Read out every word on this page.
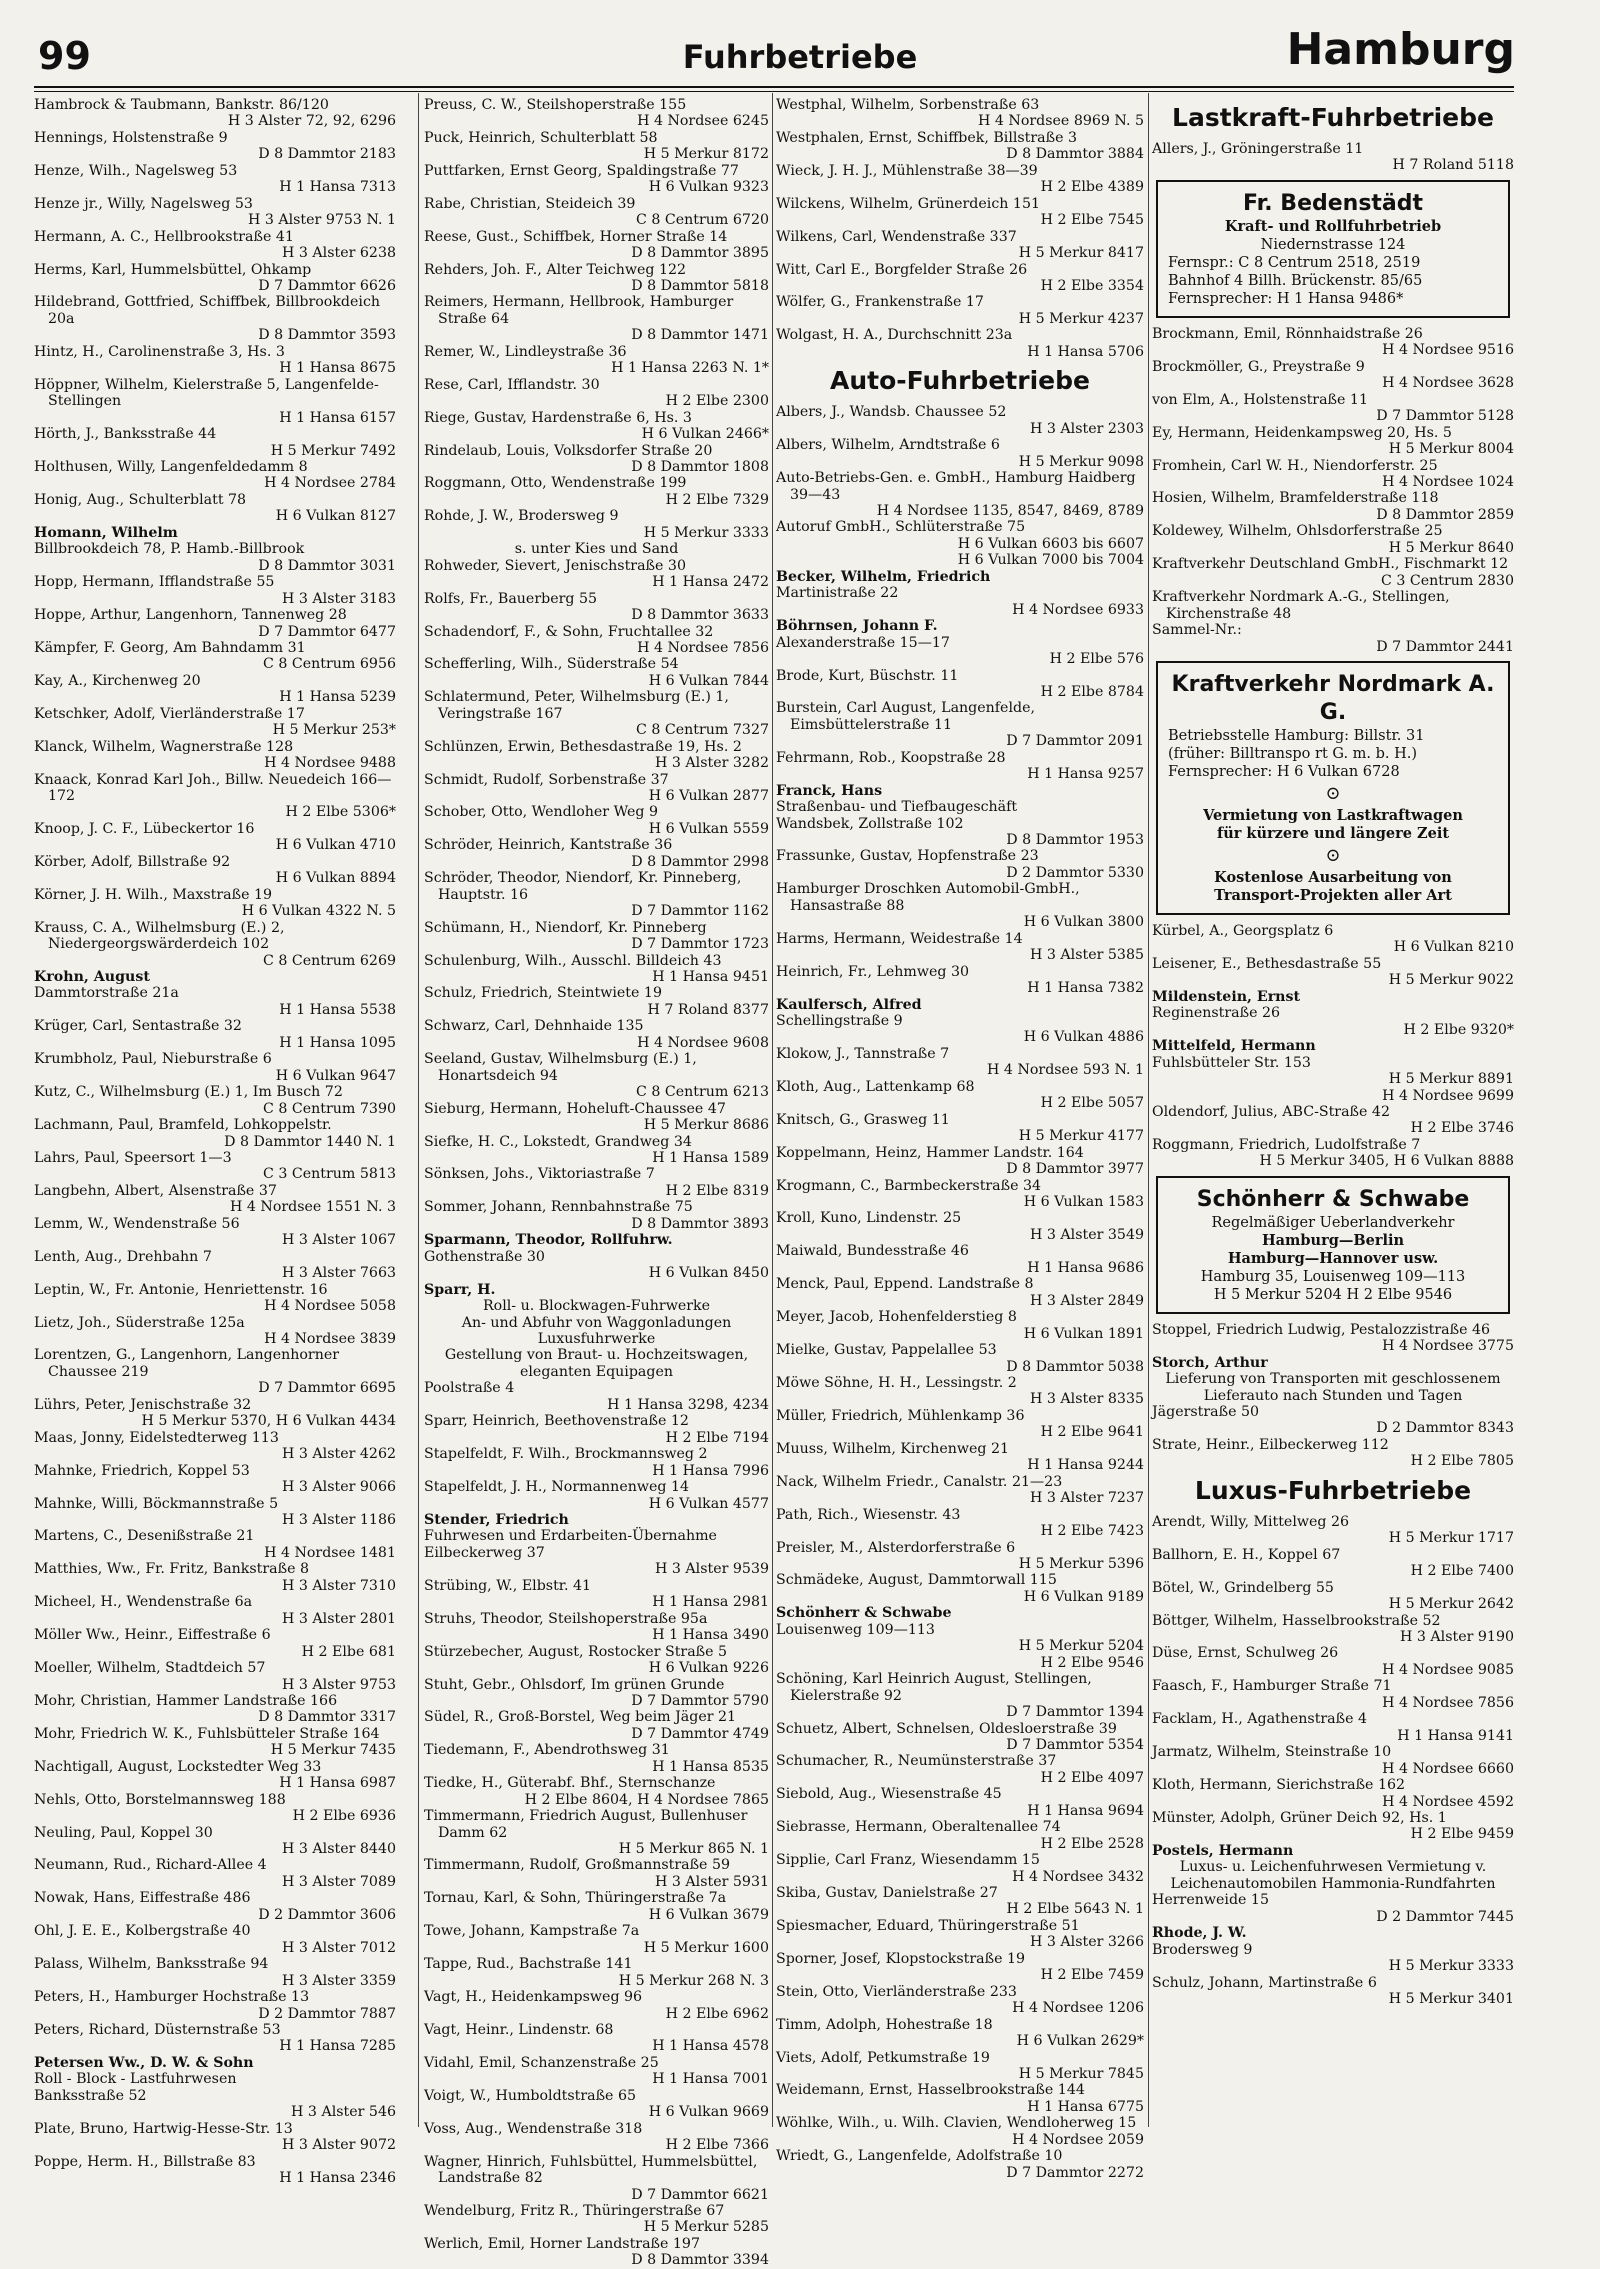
99	Fuhrbetriebe	Hamburg
Hambrock & Taubmann, Bankstr. 86/120
H 3 Alster 72, 92, 6296
Hennings, Holstenstraße 9
D 8 Dammtor 2183
Henze, Wilh., Nagelsweg 53
H 1 Hansa 7313
Henze jr., Willy, Nagelsweg 53
H 3 Alster 9753 N. 1
Hermann, A. C., Hellbrookstraße 41
H 3 Alster 6238
Herms, Karl, Hummelsbüttel, Ohkamp
D 7 Dammtor 6626
Hildebrand, Gottfried, Schiffbek, Billbrookdeich 20a
D 8 Dammtor 3593
Hintz, H., Carolinenstraße 3, Hs. 3
H 1 Hansa 8675
Höppner, Wilhelm, Kielerstraße 5, Langenfelde-Stellingen
H 1 Hansa 6157
Hörth, J., Banksstraße 44
H 5 Merkur 7492
Holthusen, Willy, Langenfeldedamm 8
H 4 Nordsee 2784
Honig, Aug., Schulterblatt 78
H 6 Vulkan 8127
Homann, Wilhelm
Billbrookdeich 78, P. Hamb.-Billbrook
D 8 Dammtor 3031
Hopp, Hermann, Ifflandstraße 55
H 3 Alster 3183
Hoppe, Arthur, Langenhorn, Tannenweg 28
D 7 Dammtor 6477
Kämpfer, F. Georg, Am Bahndamm 31
C 8 Centrum 6956
Kay, A., Kirchenweg 20
H 1 Hansa 5239
Ketschker, Adolf, Vierländerstraße 17
H 5 Merkur 253*
Klanck, Wilhelm, Wagnerstraße 128
H 4 Nordsee 9488
Knaack, Konrad Karl Joh., Billw. Neuedeich 166—172
H 2 Elbe 5306*
Knoop, J. C. F., Lübeckertor 16
H 6 Vulkan 4710
Körber, Adolf, Billstraße 92
H 6 Vulkan 8894
Körner, J. H. Wilh., Maxstraße 19
H 6 Vulkan 4322 N. 5
Krauss, C. A., Wilhelmsburg (E.) 2, Niedergeorgswärderdeich 102
C 8 Centrum 6269
Krohn, August
Dammtorstraße 21a
H 1 Hansa 5538
Krüger, Carl, Sentastraße 32
H 1 Hansa 1095
Krumbholz, Paul, Nieburstraße 6
H 6 Vulkan 9647
Kutz, C., Wilhelmsburg (E.) 1, Im Busch 72
C 8 Centrum 7390
Lachmann, Paul, Bramfeld, Lohkoppelstr.
D 8 Dammtor 1440 N. 1
Lahrs, Paul, Speersort 1—3
C 3 Centrum 5813
Langbehn, Albert, Alsenstraße 37
H 4 Nordsee 1551 N. 3
Lemm, W., Wendenstraße 56
H 3 Alster 1067
Lenth, Aug., Drehbahn 7
H 3 Alster 7663
Leptin, W., Fr. Antonie, Henriettenstr. 16
H 4 Nordsee 5058
Lietz, Joh., Süderstraße 125a
H 4 Nordsee 3839
Lorentzen, G., Langenhorn, Langenhorner Chaussee 219
D 7 Dammtor 6695
Lührs, Peter, Jenischstraße 32
H 5 Merkur 5370, H 6 Vulkan 4434
Maas, Jonny, Eidelstedterweg 113
H 3 Alster 4262
Mahnke, Friedrich, Koppel 53
H 3 Alster 9066
Mahnke, Willi, Böckmannstraße 5
H 3 Alster 1186
Martens, C., Desenißstraße 21
H 4 Nordsee 1481
Matthies, Ww., Fr. Fritz, Bankstraße 8
H 3 Alster 7310
Micheel, H., Wendenstraße 6a
H 3 Alster 2801
Möller Ww., Heinr., Eiffestraße 6
H 2 Elbe 681
Moeller, Wilhelm, Stadtdeich 57
H 3 Alster 9753
Mohr, Christian, Hammer Landstraße 166
D 8 Dammtor 3317
Mohr, Friedrich W. K., Fuhlsbütteler Straße 164
H 5 Merkur 7435
Nachtigall, August, Lockstedter Weg 33
H 1 Hansa 6987
Nehls, Otto, Borstelmannsweg 188
H 2 Elbe 6936
Neuling, Paul, Koppel 30
H 3 Alster 8440
Neumann, Rud., Richard-Allee 4
H 3 Alster 7089
Nowak, Hans, Eiffestraße 486
D 2 Dammtor 3606
Ohl, J. E. E., Kolbergstraße 40
H 3 Alster 7012
Palass, Wilhelm, Banksstraße 94
H 3 Alster 3359
Peters, H., Hamburger Hochstraße 13
D 2 Dammtor 7887
Peters, Richard, Düsternstraße 53
H 1 Hansa 7285
Petersen Ww., D. W. & Sohn
Roll - Block - Lastfuhrwesen
Banksstraße 52
H 3 Alster 546
Plate, Bruno, Hartwig-Hesse-Str. 13
H 3 Alster 9072
Poppe, Herm. H., Billstraße 83
H 1 Hansa 2346
Preuss, C. W., Steilshoperstraße 155
H 4 Nordsee 6245
Puck, Heinrich, Schulterblatt 58
H 5 Merkur 8172
Puttfarken, Ernst Georg, Spaldingstraße 77
H 6 Vulkan 9323
Rabe, Christian, Steideich 39
C 8 Centrum 6720
Reese, Gust., Schiffbek, Horner Straße 14
D 8 Dammtor 3895
Rehders, Joh. F., Alter Teichweg 122
D 8 Dammtor 5818
Reimers, Hermann, Hellbrook, Hamburger Straße 64
D 8 Dammtor 1471
Remer, W., Lindleystraße 36
H 1 Hansa 2263 N. 1*
Rese, Carl, Ifflandstr. 30
H 2 Elbe 2300
Riege, Gustav, Hardenstraße 6, Hs. 3
H 6 Vulkan 2466*
Rindelaub, Louis, Volksdorfer Straße 20
D 8 Dammtor 1808
Roggmann, Otto, Wendenstraße 199
H 2 Elbe 7329
Rohde, J. W., Brodersweg 9
H 5 Merkur 3333
s. unter Kies und Sand
Rohweder, Sievert, Jenischstraße 30
H 1 Hansa 2472
Rolfs, Fr., Bauerberg 55
D 8 Dammtor 3633
Schadendorf, F., & Sohn, Fruchtallee 32
H 4 Nordsee 7856
Schefferling, Wilh., Süderstraße 54
H 6 Vulkan 7844
Schlatermund, Peter, Wilhelmsburg (E.) 1, Veringstraße 167
C 8 Centrum 7327
Schlünzen, Erwin, Bethesdastraße 19, Hs. 2
H 3 Alster 3282
Schmidt, Rudolf, Sorbenstraße 37
H 6 Vulkan 2877
Schober, Otto, Wendloher Weg 9
H 6 Vulkan 5559
Schröder, Heinrich, Kantstraße 36
D 8 Dammtor 2998
Schröder, Theodor, Niendorf, Kr. Pinneberg, Hauptstr. 16
D 7 Dammtor 1162
Schümann, H., Niendorf, Kr. Pinneberg
D 7 Dammtor 1723
Schulenburg, Wilh., Ausschl. Billdeich 43
H 1 Hansa 9451
Schulz, Friedrich, Steintwiete 19
H 7 Roland 8377
Schwarz, Carl, Dehnhaide 135
H 4 Nordsee 9608
Seeland, Gustav, Wilhelmsburg (E.) 1, Honartsdeich 94
C 8 Centrum 6213
Sieburg, Hermann, Hoheluft-Chaussee 47
H 5 Merkur 8686
Siefke, H. C., Lokstedt, Grandweg 34
H 1 Hansa 1589
Sönksen, Johs., Viktoriastraße 7
H 2 Elbe 8319
Sommer, Johann, Rennbahnstraße 75
D 8 Dammtor 3893
Sparmann, Theodor, Rollfuhrw.
Gothenstraße 30
H 6 Vulkan 8450
Sparr, H.
Roll- u. Blockwagen-Fuhrwerke
An- und Abfuhr von Waggonladungen
Luxusfuhrwerke
Gestellung von Braut- u. Hochzeitswagen, eleganten Equipagen
Poolstraße 4
H 1 Hansa 3298, 4234
Sparr, Heinrich, Beethovenstraße 12
H 2 Elbe 7194
Stapelfeldt, F. Wilh., Brockmannsweg 2
H 1 Hansa 7996
Stapelfeldt, J. H., Normannenweg 14
H 6 Vulkan 4577
Stender, Friedrich
Fuhrwesen und Erdarbeiten-Übernahme
Eilbeckerweg 37
H 3 Alster 9539
Strübing, W., Elbstr. 41
H 1 Hansa 2981
Struhs, Theodor, Steilshoperstraße 95a
H 1 Hansa 3490
Stürzebecher, August, Rostocker Straße 5
H 6 Vulkan 9226
Stuht, Gebr., Ohlsdorf, Im grünen Grunde
D 7 Dammtor 5790
Südel, R., Groß-Borstel, Weg beim Jäger 21
D 7 Dammtor 4749
Tiedemann, F., Abendrothsweg 31
H 1 Hansa 8535
Tiedke, H., Güterabf. Bhf., Sternschanze
H 2 Elbe 8604, H 4 Nordsee 7865
Timmermann, Friedrich August, Bullenhuser Damm 62
H 5 Merkur 865 N. 1
Timmermann, Rudolf, Großmannstraße 59
H 3 Alster 5931
Tornau, Karl, & Sohn, Thüringerstraße 7a
H 6 Vulkan 3679
Towe, Johann, Kampstraße 7a
H 5 Merkur 1600
Tappe, Rud., Bachstraße 141
H 5 Merkur 268 N. 3
Vagt, H., Heidenkampsweg 96
H 2 Elbe 6962
Vagt, Heinr., Lindenstr. 68
H 1 Hansa 4578
Vidahl, Emil, Schanzenstraße 25
H 1 Hansa 7001
Voigt, W., Humboldtstraße 65
H 6 Vulkan 9669
Voss, Aug., Wendenstraße 318
H 2 Elbe 7366
Wagner, Hinrich, Fuhlsbüttel, Hummelsbüttel, Landstraße 82
D 7 Dammtor 6621
Wendelburg, Fritz R., Thüringerstraße 67
H 5 Merkur 5285
Werlich, Emil, Horner Landstraße 197
D 8 Dammtor 3394
Westphal, Wilhelm, Sorbenstraße 63
H 4 Nordsee 8969 N. 5
Westphalen, Ernst, Schiffbek, Billstraße 3
D 8 Dammtor 3884
Wieck, J. H. J., Mühlenstraße 38—39
H 2 Elbe 4389
Wilckens, Wilhelm, Grünerdeich 151
H 2 Elbe 7545
Wilkens, Carl, Wendenstraße 337
H 5 Merkur 8417
Witt, Carl E., Borgfelder Straße 26
H 2 Elbe 3354
Wölfer, G., Frankenstraße 17
H 5 Merkur 4237
Wolgast, H. A., Durchschnitt 23a
H 1 Hansa 5706
Auto-Fuhrbetriebe
Albers, J., Wandsb. Chaussee 52
H 3 Alster 2303
Albers, Wilhelm, Arndtstraße 6
H 5 Merkur 9098
Auto-Betriebs-Gen. e. GmbH., Hamburg Haidberg 39—43
H 4 Nordsee 1135, 8547, 8469, 8789
Autoruf GmbH., Schlüterstraße 75
H 6 Vulkan 6603 bis 6607
H 6 Vulkan 7000 bis 7004
Becker, Wilhelm, Friedrich
Martinistraße 22
H 4 Nordsee 6933
Böhrnsen, Johann F.
Alexanderstraße 15—17
H 2 Elbe 576
Brode, Kurt, Büschstr. 11
H 2 Elbe 8784
Burstein, Carl August, Langenfelde, Eimsbüttelerstraße 11
D 7 Dammtor 2091
Fehrmann, Rob., Koopstraße 28
H 1 Hansa 9257
Franck, Hans
Straßenbau- und Tiefbaugeschäft
Wandsbek, Zollstraße 102
D 8 Dammtor 1953
Frassunke, Gustav, Hopfenstraße 23
D 2 Dammtor 5330
Hamburger Droschken Automobil-GmbH., Hansastraße 88
H 6 Vulkan 3800
Harms, Hermann, Weidestraße 14
H 3 Alster 5385
Heinrich, Fr., Lehmweg 30
H 1 Hansa 7382
Kaulfersch, Alfred
Schellingstraße 9
H 6 Vulkan 4886
Klokow, J., Tannstraße 7
H 4 Nordsee 593 N. 1
Kloth, Aug., Lattenkamp 68
H 2 Elbe 5057
Knitsch, G., Grasweg 11
H 5 Merkur 4177
Koppelmann, Heinz, Hammer Landstr. 164
D 8 Dammtor 3977
Krogmann, C., Barmbeckerstraße 34
H 6 Vulkan 1583
Kroll, Kuno, Lindenstr. 25
H 3 Alster 3549
Maiwald, Bundesstraße 46
H 1 Hansa 9686
Menck, Paul, Eppend. Landstraße 8
H 3 Alster 2849
Meyer, Jacob, Hohenfelderstieg 8
H 6 Vulkan 1891
Mielke, Gustav, Pappelallee 53
D 8 Dammtor 5038
Möwe Söhne, H. H., Lessingstr. 2
H 3 Alster 8335
Müller, Friedrich, Mühlenkamp 36
H 2 Elbe 9641
Muuss, Wilhelm, Kirchenweg 21
H 1 Hansa 9244
Nack, Wilhelm Friedr., Canalstr. 21—23
H 3 Alster 7237
Path, Rich., Wiesenstr. 43
H 2 Elbe 7423
Preisler, M., Alsterdorferstraße 6
H 5 Merkur 5396
Schmädeke, August, Dammtorwall 115
H 6 Vulkan 9189
Schönherr & Schwabe
Louisenweg 109—113
H 5 Merkur 5204
H 2 Elbe 9546
Schöning, Karl Heinrich August, Stellingen, Kielerstraße 92
D 7 Dammtor 1394
Schuetz, Albert, Schnelsen, Oldesloerstraße 39
D 7 Dammtor 5354
Schumacher, R., Neumünsterstraße 37
H 2 Elbe 4097
Siebold, Aug., Wiesenstraße 45
H 1 Hansa 9694
Siebrasse, Hermann, Oberaltenallee 74
H 2 Elbe 2528
Sipplie, Carl Franz, Wiesendamm 15
H 4 Nordsee 3432
Skiba, Gustav, Danielstraße 27
H 2 Elbe 5643 N. 1
Spiesmacher, Eduard, Thüringerstraße 51
H 3 Alster 3266
Sporner, Josef, Klopstockstraße 19
H 2 Elbe 7459
Stein, Otto, Vierländerstraße 233
H 4 Nordsee 1206
Timm, Adolph, Hohestraße 18
H 6 Vulkan 2629*
Viets, Adolf, Petkumstraße 19
H 5 Merkur 7845
Weidemann, Ernst, Hasselbrookstraße 144
H 1 Hansa 6775
Wöhlke, Wilh., u. Wilh. Clavien, Wendloherweg 15
H 4 Nordsee 2059
Wriedt, G., Langenfelde, Adolfstraße 10
D 7 Dammtor 2272
Lastkraft-Fuhrbetriebe
Allers, J., Gröningerstraße 11
H 7 Roland 5118
Fr. Bedenstädt
Kraft- und Rollfuhrbetrieb
Niedernstrasse 124
Fernspr.: C 8 Centrum 2518, 2519
Bahnhof 4 Billh. Brückenstr. 85/65
Fernsprecher: H 1 Hansa 9486*
Brockmann, Emil, Rönnhaidstraße 26
H 4 Nordsee 9516
Brockmöller, G., Preystraße 9
H 4 Nordsee 3628
von Elm, A., Holstenstraße 11
D 7 Dammtor 5128
Ey, Hermann, Heidenkampsweg 20, Hs. 5
H 5 Merkur 8004
Fromhein, Carl W. H., Niendorferstr. 25
H 4 Nordsee 1024
Hosien, Wilhelm, Bramfelderstraße 118
D 8 Dammtor 2859
Koldewey, Wilhelm, Ohlsdorferstraße 25
H 5 Merkur 8640
Kraftverkehr Deutschland GmbH., Fischmarkt 12
C 3 Centrum 2830
Kraftverkehr Nordmark A.-G., Stellingen, Kirchenstraße 48
Sammel-Nr.:
D 7 Dammtor 2441
Kraftverkehr Nordmark A. G.
Betriebsstelle Hamburg: Billstr. 31
(früher: Billtranspo rt G. m. b. H.)
Fernsprecher: H 6 Vulkan 6728
⊙
Vermietung von Lastkraftwagen
für kürzere und längere Zeit
⊙
Kostenlose Ausarbeitung von
Transport-Projekten aller Art
Kürbel, A., Georgsplatz 6
H 6 Vulkan 8210
Leisener, E., Bethesdastraße 55
H 5 Merkur 9022
Mildenstein, Ernst
Reginenstraße 26
H 2 Elbe 9320*
Mittelfeld, Hermann
Fuhlsbütteler Str. 153
H 5 Merkur 8891
H 4 Nordsee 9699
Oldendorf, Julius, ABC-Straße 42
H 2 Elbe 3746
Roggmann, Friedrich, Ludolfstraße 7
H 5 Merkur 3405, H 6 Vulkan 8888
Schönherr & Schwabe
Regelmäßiger Ueberlandverkehr
Hamburg—Berlin
Hamburg—Hannover usw.
Hamburg 35, Louisenweg 109—113
H 5 Merkur 5204 H 2 Elbe 9546
Stoppel, Friedrich Ludwig, Pestalozzistraße 46
H 4 Nordsee 3775
Storch, Arthur
Lieferung von Transporten mit geschlossenem Lieferauto nach Stunden und Tagen
Jägerstraße 50
D 2 Dammtor 8343
Strate, Heinr., Eilbeckerweg 112
H 2 Elbe 7805
Luxus-Fuhrbetriebe
Arendt, Willy, Mittelweg 26
H 5 Merkur 1717
Ballhorn, E. H., Koppel 67
H 2 Elbe 7400
Bötel, W., Grindelberg 55
H 5 Merkur 2642
Böttger, Wilhelm, Hasselbrookstraße 52
H 3 Alster 9190
Düse, Ernst, Schulweg 26
H 4 Nordsee 9085
Faasch, F., Hamburger Straße 71
H 4 Nordsee 7856
Facklam, H., Agathenstraße 4
H 1 Hansa 9141
Jarmatz, Wilhelm, Steinstraße 10
H 4 Nordsee 6660
Kloth, Hermann, Sierichstraße 162
H 4 Nordsee 4592
Münster, Adolph, Grüner Deich 92, Hs. 1
H 2 Elbe 9459
Postels, Hermann
Luxus- u. Leichenfuhrwesen Vermietung v. Leichenautomobilen Hammonia-Rundfahrten
Herrenweide 15
D 2 Dammtor 7445
Rhode, J. W.
Brodersweg 9
H 5 Merkur 3333
Schulz, Johann, Martinstraße 6
H 5 Merkur 3401
